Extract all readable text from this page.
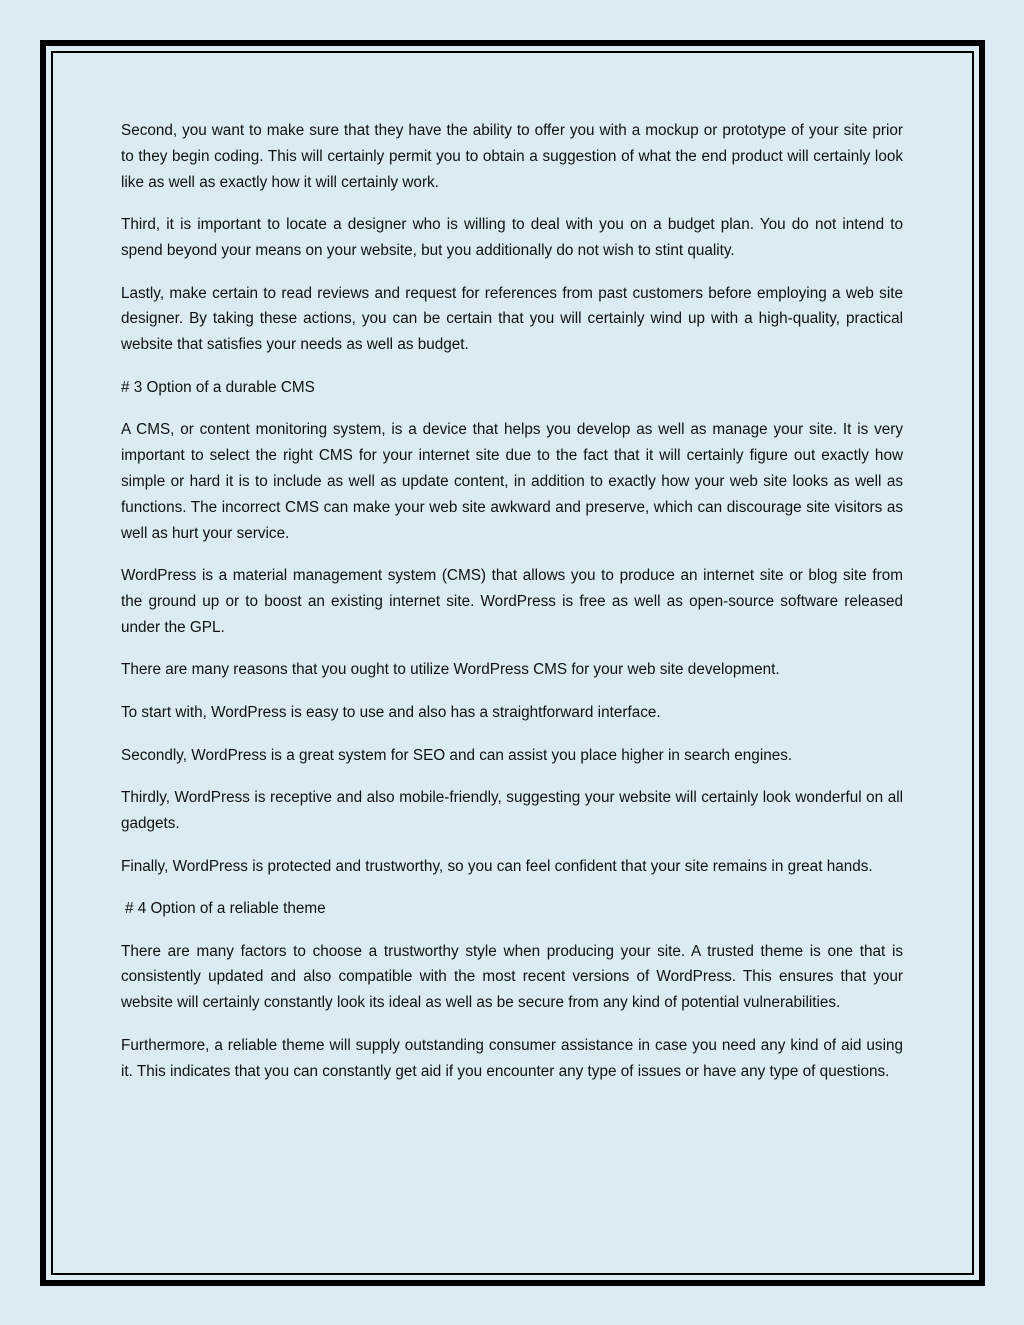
Second, you want to make sure that they have the ability to offer you with a mockup or prototype of your site prior to they begin coding. This will certainly permit you to obtain a suggestion of what the end product will certainly look like as well as exactly how it will certainly work.

Third, it is important to locate a designer who is willing to deal with you on a budget plan. You do not intend to spend beyond your means on your website, but you additionally do not wish to stint quality.

Lastly, make certain to read reviews and request for references from past customers before employing a web site designer. By taking these actions, you can be certain that you will certainly wind up with a high-quality, practical website that satisfies your needs as well as budget.

# 3 Option of a durable CMS

A CMS, or content monitoring system, is a device that helps you develop as well as manage your site. It is very important to select the right CMS for your internet site due to the fact that it will certainly figure out exactly how simple or hard it is to include as well as update content, in addition to exactly how your web site looks as well as functions. The incorrect CMS can make your web site awkward and preserve, which can discourage site visitors as well as hurt your service.

WordPress is a material management system (CMS) that allows you to produce an internet site or blog site from the ground up or to boost an existing internet site. WordPress is free as well as open-source software released under the GPL.

There are many reasons that you ought to utilize WordPress CMS for your web site development.

To start with, WordPress is easy to use and also has a straightforward interface.

Secondly, WordPress is a great system for SEO and can assist you place higher in search engines.

Thirdly, WordPress is receptive and also mobile-friendly, suggesting your website will certainly look wonderful on all gadgets.

Finally, WordPress is protected and trustworthy, so you can feel confident that your site remains in great hands.

# 4 Option of a reliable theme

There are many factors to choose a trustworthy style when producing your site. A trusted theme is one that is consistently updated and also compatible with the most recent versions of WordPress. This ensures that your website will certainly constantly look its ideal as well as be secure from any kind of potential vulnerabilities.

Furthermore, a reliable theme will supply outstanding consumer assistance in case you need any kind of aid using it. This indicates that you can constantly get aid if you encounter any type of issues or have any type of questions.
